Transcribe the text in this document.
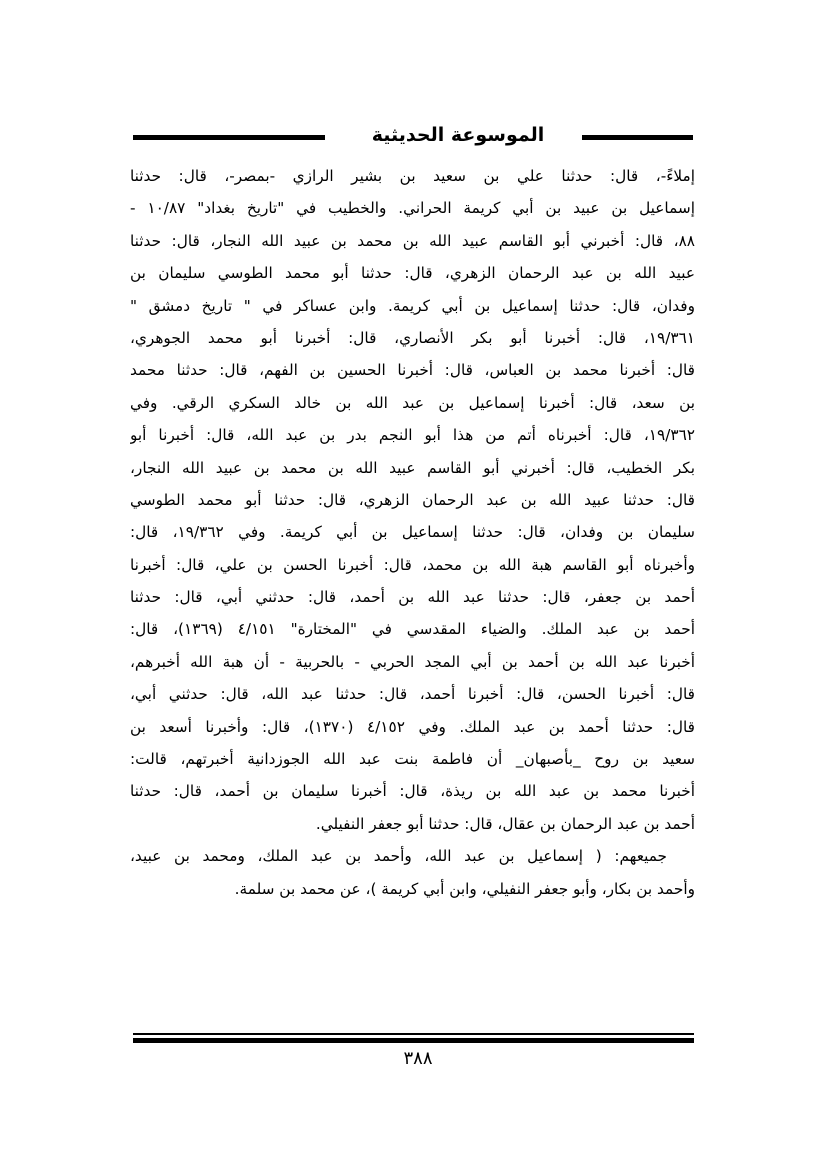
الموسوعة الحديثية
إملاءً-، قال: حدثنا علي بن سعيد بن بشير الرازي -بمصر-، قال: حدثنا
إسماعيل بن عبيد بن أبي كريمة الحراني. والخطيب في "تاريخ بغداد" ١٠/٨٧ -
٨٨، قال: أخبرني أبو القاسم عبيد الله بن محمد بن عبيد الله النجار، قال: حدثنا
عبيد الله بن عبد الرحمان الزهري، قال: حدثنا أبو محمد الطوسي سليمان بن
وفدان، قال: حدثنا إسماعيل بن أبي كريمة. وابن عساكر في " تاريخ دمشق "
١٩/٣٦١، قال: أخبرنا أبو بكر الأنصاري، قال: أخبرنا أبو محمد الجوهري،
قال: أخبرنا محمد بن العباس، قال: أخبرنا الحسين بن الفهم، قال: حدثنا محمد
بن سعد، قال: أخبرنا إسماعيل بن عبد الله بن خالد السكري الرقي. وفي
١٩/٣٦٢، قال: أخبرناه أتم من هذا أبو النجم بدر بن عبد الله، قال: أخبرنا أبو
بكر الخطيب، قال: أخبرني أبو القاسم عبيد الله بن محمد بن عبيد الله النجار،
قال: حدثنا عبيد الله بن عبد الرحمان الزهري، قال: حدثنا أبو محمد الطوسي
سليمان بن وفدان، قال: حدثنا إسماعيل بن أبي كريمة. وفي ١٩/٣٦٢، قال:
وأخبرناه أبو القاسم هبة الله بن محمد، قال: أخبرنا الحسن بن علي، قال: أخبرنا
أحمد بن جعفر، قال: حدثنا عبد الله بن أحمد، قال: حدثني أبي، قال: حدثنا
أحمد بن عبد الملك. والضياء المقدسي في "المختارة" ٤/١٥١ (١٣٦٩)، قال:
أخبرنا عبد الله بن أحمد بن أبي المجد الحربي - بالحربية - أن هبة الله أخبرهم،
قال: أخبرنا الحسن، قال: أخبرنا أحمد، قال: حدثنا عبد الله، قال: حدثني أبي،
قال: حدثنا أحمد بن عبد الملك. وفي ٤/١٥٢ (١٣٧٠)، قال: وأخبرنا أسعد بن
سعيد بن روح _بأصبهان_ أن فاطمة بنت عبد الله الجوزدانية أخبرتهم، قالت:
أخبرنا محمد بن عبد الله بن ريذة، قال: أخبرنا سليمان بن أحمد، قال: حدثنا
أحمد بن عبد الرحمان بن عقال، قال: حدثنا أبو جعفر النفيلي.
جميعهم: ( إسماعيل بن عبد الله، وأحمد بن عبد الملك، ومحمد بن عبيد،
وأحمد بن بكار، وأبو جعفر النفيلي، وابن أبي كريمة )، عن محمد بن سلمة.
٣٨٨
